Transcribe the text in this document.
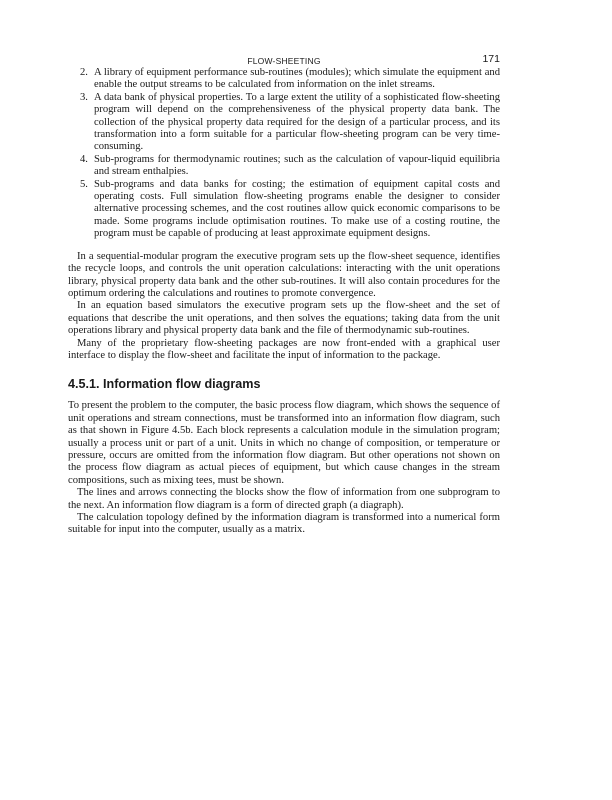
FLOW-SHEETING	171
2. A library of equipment performance sub-routines (modules); which simulate the equipment and enable the output streams to be calculated from information on the inlet streams.
3. A data bank of physical properties. To a large extent the utility of a sophisticated flow-sheeting program will depend on the comprehensiveness of the physical property data bank. The collection of the physical property data required for the design of a particular process, and its transformation into a form suitable for a particular flow-sheeting program can be very time-consuming.
4. Sub-programs for thermodynamic routines; such as the calculation of vapour-liquid equilibria and stream enthalpies.
5. Sub-programs and data banks for costing; the estimation of equipment capital costs and operating costs. Full simulation flow-sheeting programs enable the designer to consider alternative processing schemes, and the cost routines allow quick economic comparisons to be made. Some programs include optimisation routines. To make use of a costing routine, the program must be capable of producing at least approximate equipment designs.

In a sequential-modular program the executive program sets up the flow-sheet sequence, identifies the recycle loops, and controls the unit operation calculations: interacting with the unit operations library, physical property data bank and the other sub-routines. It will also contain procedures for the optimum ordering the calculations and routines to promote convergence.

In an equation based simulators the executive program sets up the flow-sheet and the set of equations that describe the unit operations, and then solves the equations; taking data from the unit operations library and physical property data bank and the file of thermodynamic sub-routines.

Many of the proprietary flow-sheeting packages are now front-ended with a graphical user interface to display the flow-sheet and facilitate the input of information to the package.

4.5.1. Information flow diagrams

To present the problem to the computer, the basic process flow diagram, which shows the sequence of unit operations and stream connections, must be transformed into an information flow diagram, such as that shown in Figure 4.5b. Each block represents a calculation module in the simulation program; usually a process unit or part of a unit. Units in which no change of composition, or temperature or pressure, occurs are omitted from the information flow diagram. But other operations not shown on the process flow diagram as actual pieces of equipment, but which cause changes in the stream compositions, such as mixing tees, must be shown.

The lines and arrows connecting the blocks show the flow of information from one subprogram to the next. An information flow diagram is a form of directed graph (a diagraph).

The calculation topology defined by the information diagram is transformed into a numerical form suitable for input into the computer, usually as a matrix.
